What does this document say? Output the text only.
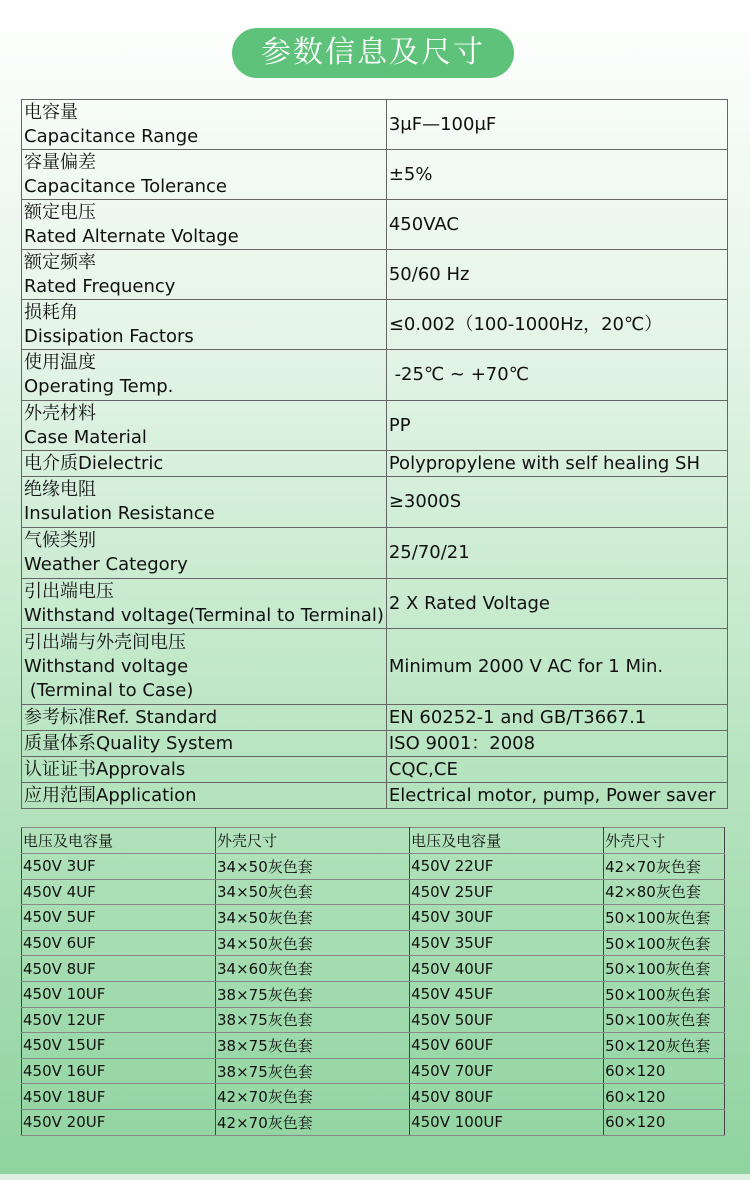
参数信息及尺寸
电容量
Capacitance Range	3μF—100μF

容量偏差
Capacitance Tolerance	±5%

额定电压
Rated Alternate Voltage	450VAC

额定频率
Rated Frequency	50/60 Hz

损耗角
Dissipation Factors	≤0.002（100-1000Hz，20℃）

使用温度
Operating Temp.	-25℃ ~ +70℃

外壳材料
Case Material	PP

电介质Dielectric	Polypropylene with self healing SH

绝缘电阻
Insulation Resistance	≥3000S

气候类别
Weather Category	25/70/21

引出端电压
Withstand voltage(Terminal to Terminal)	2 X Rated Voltage

引出端与外壳间电压
Withstand voltage
(Terminal to Case)	Minimum 2000 V AC for 1 Min.

参考标准Ref. Standard	EN 60252-1 and GB/T3667.1

质量体系Quality System	ISO 9001：2008

认证证书Approvals	CQC,CE

应用范围Application	Electrical motor, pump, Power saver
电压及电容量	外壳尺寸	电压及电容量	外壳尺寸
450V 3UF	34×50灰色套	450V 22UF	42×70灰色套
450V 4UF	34×50灰色套	450V 25UF	42×80灰色套
450V 5UF	34×50灰色套	450V 30UF	50×100灰色套
450V 6UF	34×50灰色套	450V 35UF	50×100灰色套
450V 8UF	34×60灰色套	450V 40UF	50×100灰色套
450V 10UF	38×75灰色套	450V 45UF	50×100灰色套
450V 12UF	38×75灰色套	450V 50UF	50×100灰色套
450V 15UF	38×75灰色套	450V 60UF	50×120灰色套
450V 16UF	38×75灰色套	450V 70UF	60×120
450V 18UF	42×70灰色套	450V 80UF	60×120
450V 20UF	42×70灰色套	450V 100UF	60×120
